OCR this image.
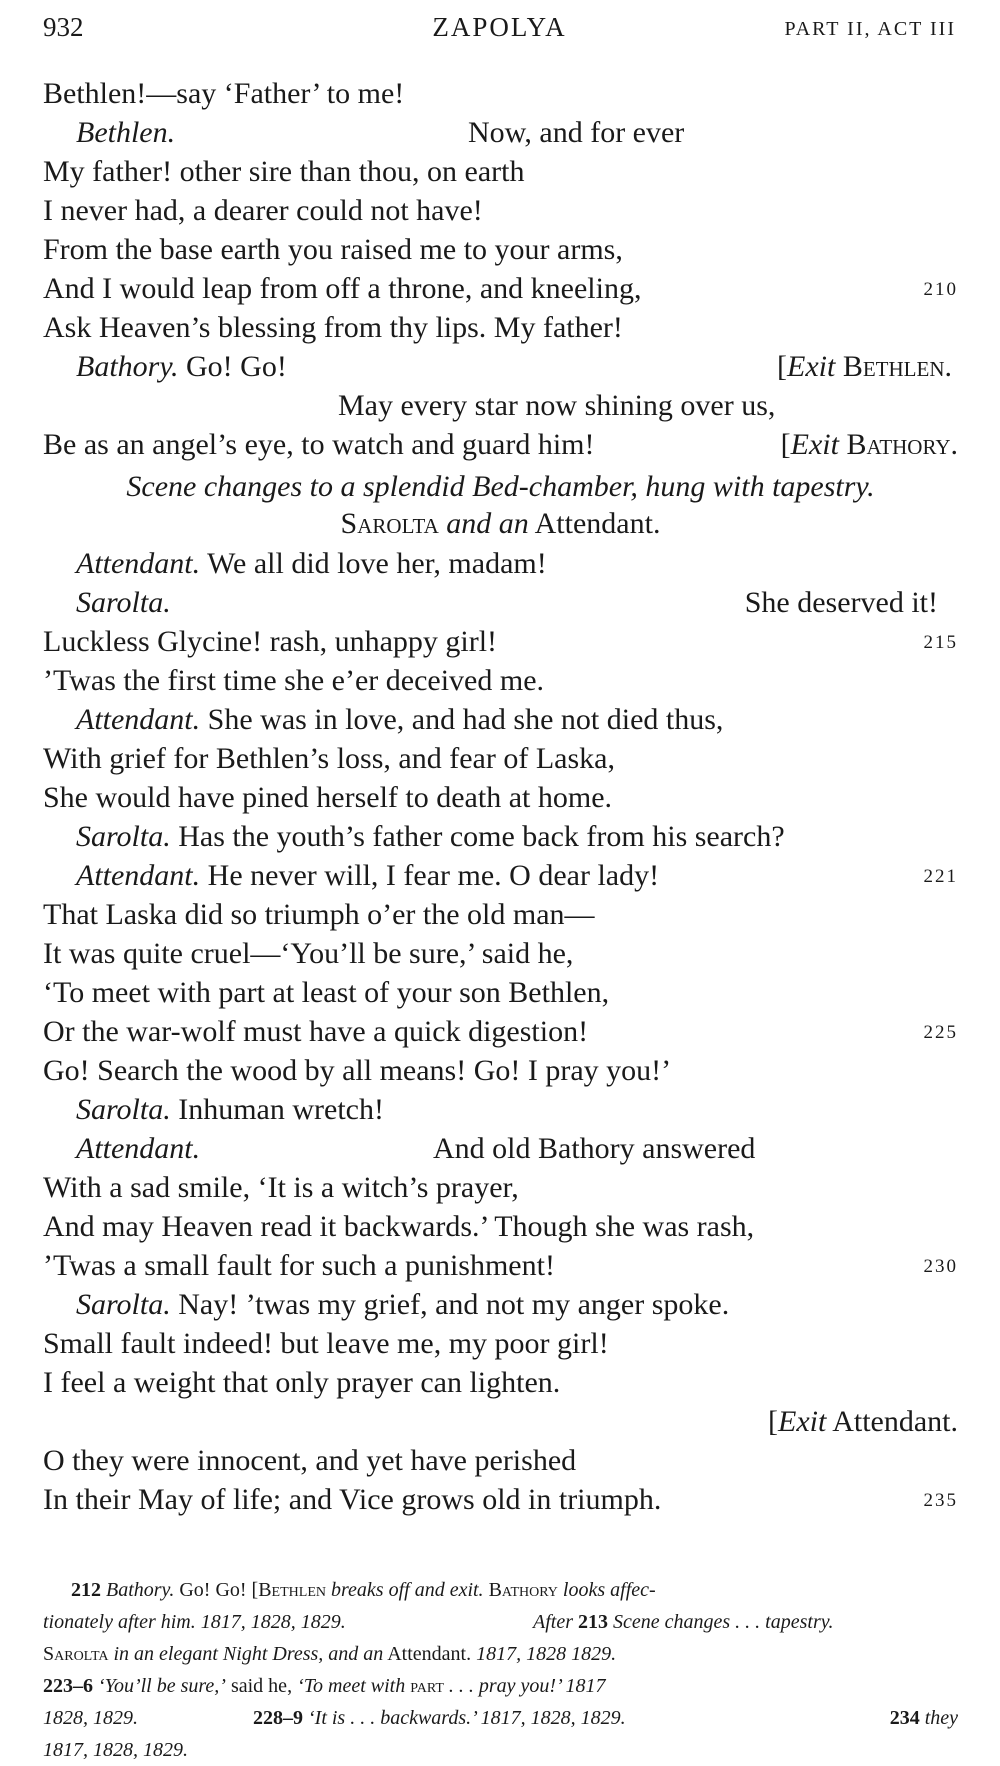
932	ZAPOLYA	PART II, ACT III
Bethlen!—say ‘Father’ to me!
Bethlen.	Now, and for ever
My father! other sire than thou, on earth
I never had, a dearer could not have!
From the base earth you raised me to your arms,
And I would leap from off a throne, and kneeling,	210
Ask Heaven’s blessing from thy lips. My father!
Bathory. Go! Go!	[Exit Bethlen.
May every star now shining over us,
Be as an angel’s eye, to watch and guard him!	[Exit Bathory.
Scene changes to a splendid Bed-chamber, hung with tapestry.
Sarolta and an Attendant.
Attendant. We all did love her, madam!
Sarolta.	She deserved it!
Luckless Glycine! rash, unhappy girl!	215
’Twas the first time she e’er deceived me.
Attendant. She was in love, and had she not died thus,
With grief for Bethlen’s loss, and fear of Laska,
She would have pined herself to death at home.
Sarolta. Has the youth’s father come back from his search?
Attendant. He never will, I fear me. O dear lady!	221
That Laska did so triumph o’er the old man—
It was quite cruel—‘You’ll be sure,’ said he,
‘To meet with part at least of your son Bethlen,
Or the war-wolf must have a quick digestion!	225
Go! Search the wood by all means! Go! I pray you!’
Sarolta. Inhuman wretch!
Attendant.	And old Bathory answered
With a sad smile, ‘It is a witch’s prayer,
And may Heaven read it backwards.’ Though she was rash,
’Twas a small fault for such a punishment!	230
Sarolta. Nay! ’twas my grief, and not my anger spoke.
Small fault indeed! but leave me, my poor girl!
I feel a weight that only prayer can lighten.
[Exit Attendant.
O they were innocent, and yet have perished
In their May of life; and Vice grows old in triumph.	235
212 Bathory. Go! Go! [Bethlen breaks off and exit. Bathory looks affec-
tionately after him. 1817, 1828, 1829.	After 213 Scene changes . . . tapestry.
Sarolta in an elegant Night Dress, and an Attendant. 1817, 1828 1829.
223–6 ‘You’ll be sure,’ said he, ‘To meet with part . . . pray you!’ 1817
1828, 1829.	228–9 ‘It is . . . backwards.’ 1817, 1828, 1829.	234 they
1817, 1828, 1829.
